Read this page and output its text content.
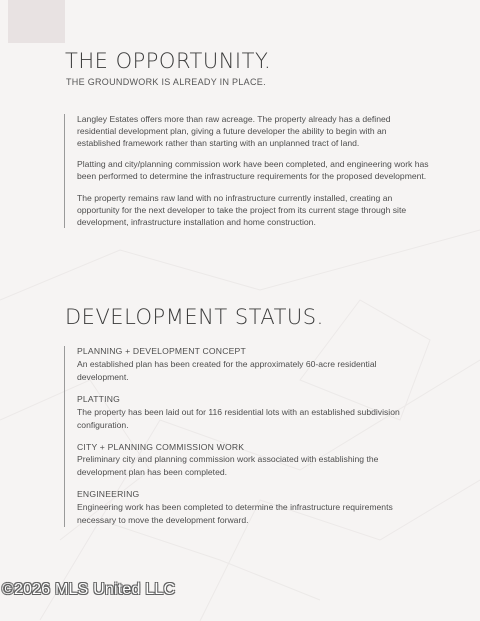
THE OPPORTUNITY.

THE GROUNDWORK IS ALREADY IN PLACE.

Langley Estates offers more than raw acreage. The property already has a defined residential development plan, giving a future developer the ability to begin with an established framework rather than starting with an unplanned tract of land.

Platting and city/planning commission work have been completed, and engineering work has been performed to determine the infrastructure requirements for the proposed development.

The property remains raw land with no infrastructure currently installed, creating an opportunity for the next developer to take the project from its current stage through site development, infrastructure installation and home construction.

DEVELOPMENT STATUS.

PLANNING + DEVELOPMENT CONCEPT

An established plan has been created for the approximately 60-acre residential development.

PLATTING

The property has been laid out for 116 residential lots with an established subdivision configuration.

CITY + PLANNING COMMISSION WORK

Preliminary city and planning commission work associated with establishing the development plan has been completed.

ENGINEERING

Engineering work has been completed to determine the infrastructure requirements necessary to move the development forward.

©2026 MLS United LLC
